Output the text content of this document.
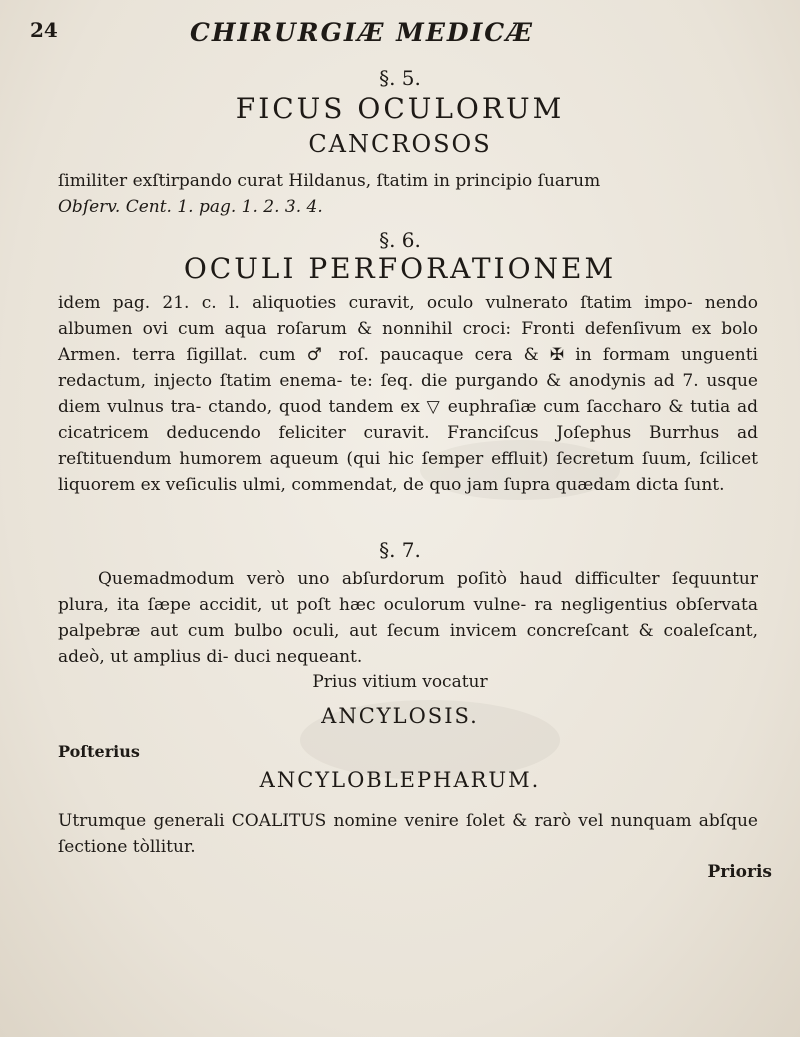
24	CHIRURGIÆ MEDICÆ
§. 5.
FICUS OCULORUM
CANCROSOS

ſimiliter exſtirpando curat Hildanus, ſtatim in principio ſuarum

Obſerv. Cent. 1. pag. 1. 2. 3. 4.

§. 6.
OCULI PERFORATIONEM

idem pag. 21. c. l. aliquoties curavit, oculo vulnerato ſtatim impo- nendo albumen ovi cum aqua roſarum & nonnihil croci: Fronti defenſivum ex bolo Armen. terra ſigillat. cum ♂ roſ. paucaque cera & ✠ in formam unguenti redactum, injecto ſtatim enema- te: ſeq. die purgando & anodynis ad 7. usque diem vulnus tra- ctando, quod tandem ex ▽ euphraſiæ cum ſaccharo & tutia ad cicatricem deducendo feliciter curavit. Franciſcus Joſephus Burrhus ad reſtituendum humorem aqueum (qui hic ſemper effluit) ſecretum ſuum, ſcilicet liquorem ex veſiculis ulmi, commendat, de quo jam ſupra quædam dicta ſunt.

§. 7.

Quemadmodum verò uno abſurdorum poſitò haud difficulter ſequuntur plura, ita ſæpe accidit, ut poſt hæc oculorum vulne- ra negligentius obſervata palpebræ aut cum bulbo oculi, aut ſecum invicem concreſcant & coaleſcant, adeò, ut amplius di- duci nequeant.

Prius vitium vocatur
ANCYLOSIS.
Poſterius
ANCYLOBLEPHARUM.

Utrumque generali COALITUS nomine venire ſolet & rarò vel nunquam abſque ſectione tòllitur.

Prioris
